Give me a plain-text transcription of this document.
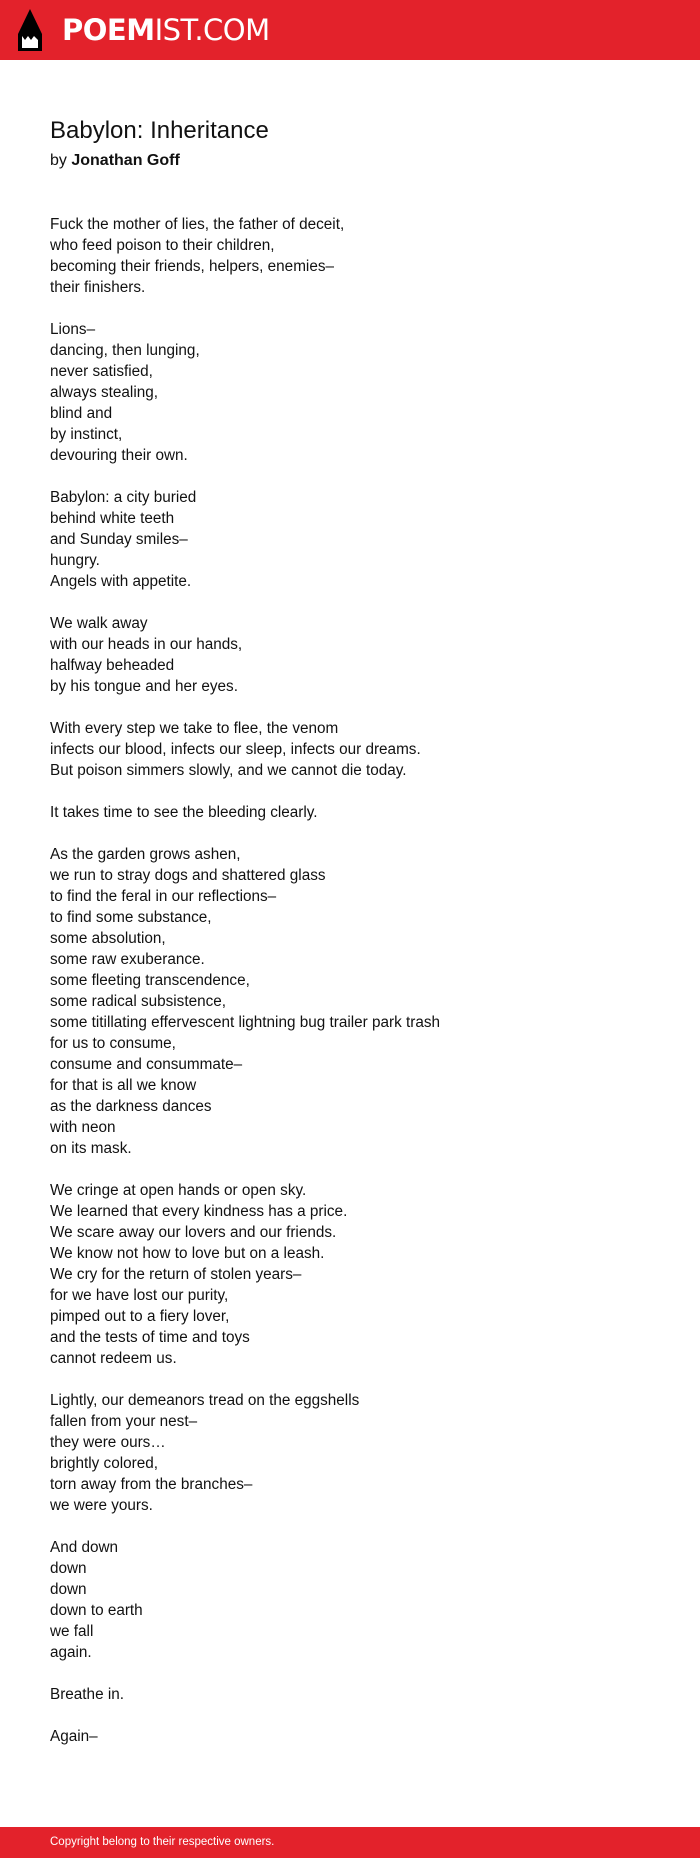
POEMIST.COM
Babylon: Inheritance
by Jonathan Goff
Fuck the mother of lies, the father of deceit,
who feed poison to their children,
becoming their friends, helpers, enemies–
their finishers.
Lions–
dancing, then lunging,
never satisfied,
always stealing,
blind and
by instinct,
devouring their own.
Babylon: a city buried
behind white teeth
and Sunday smiles–
hungry.
Angels with appetite.
We walk away
with our heads in our hands,
halfway beheaded
by his tongue and her eyes.
With every step we take to flee, the venom
infects our blood, infects our sleep, infects our dreams.
But poison simmers slowly, and we cannot die today.
It takes time to see the bleeding clearly.
As the garden grows ashen,
we run to stray dogs and shattered glass
to find the feral in our reflections–
to find some substance,
some absolution,
some raw exuberance.
some fleeting transcendence,
some radical subsistence,
some titillating effervescent lightning bug trailer park trash
for us to consume,
consume and consummate–
for that is all we know
as the darkness dances
with neon
on its mask.
We cringe at open hands or open sky.
We learned that every kindness has a price.
We scare away our lovers and our friends.
We know not how to love but on a leash.
We cry for the return of stolen years–
for we have lost our purity,
pimped out to a fiery lover,
and the tests of time and toys
cannot redeem us.
Lightly, our demeanors tread on the eggshells
fallen from your nest–
they were ours…
brightly colored,
torn away from the branches–
we were yours.
And down
down
down
down to earth
we fall
again.
Breathe in.
Again–
Copyright belong to their respective owners.
